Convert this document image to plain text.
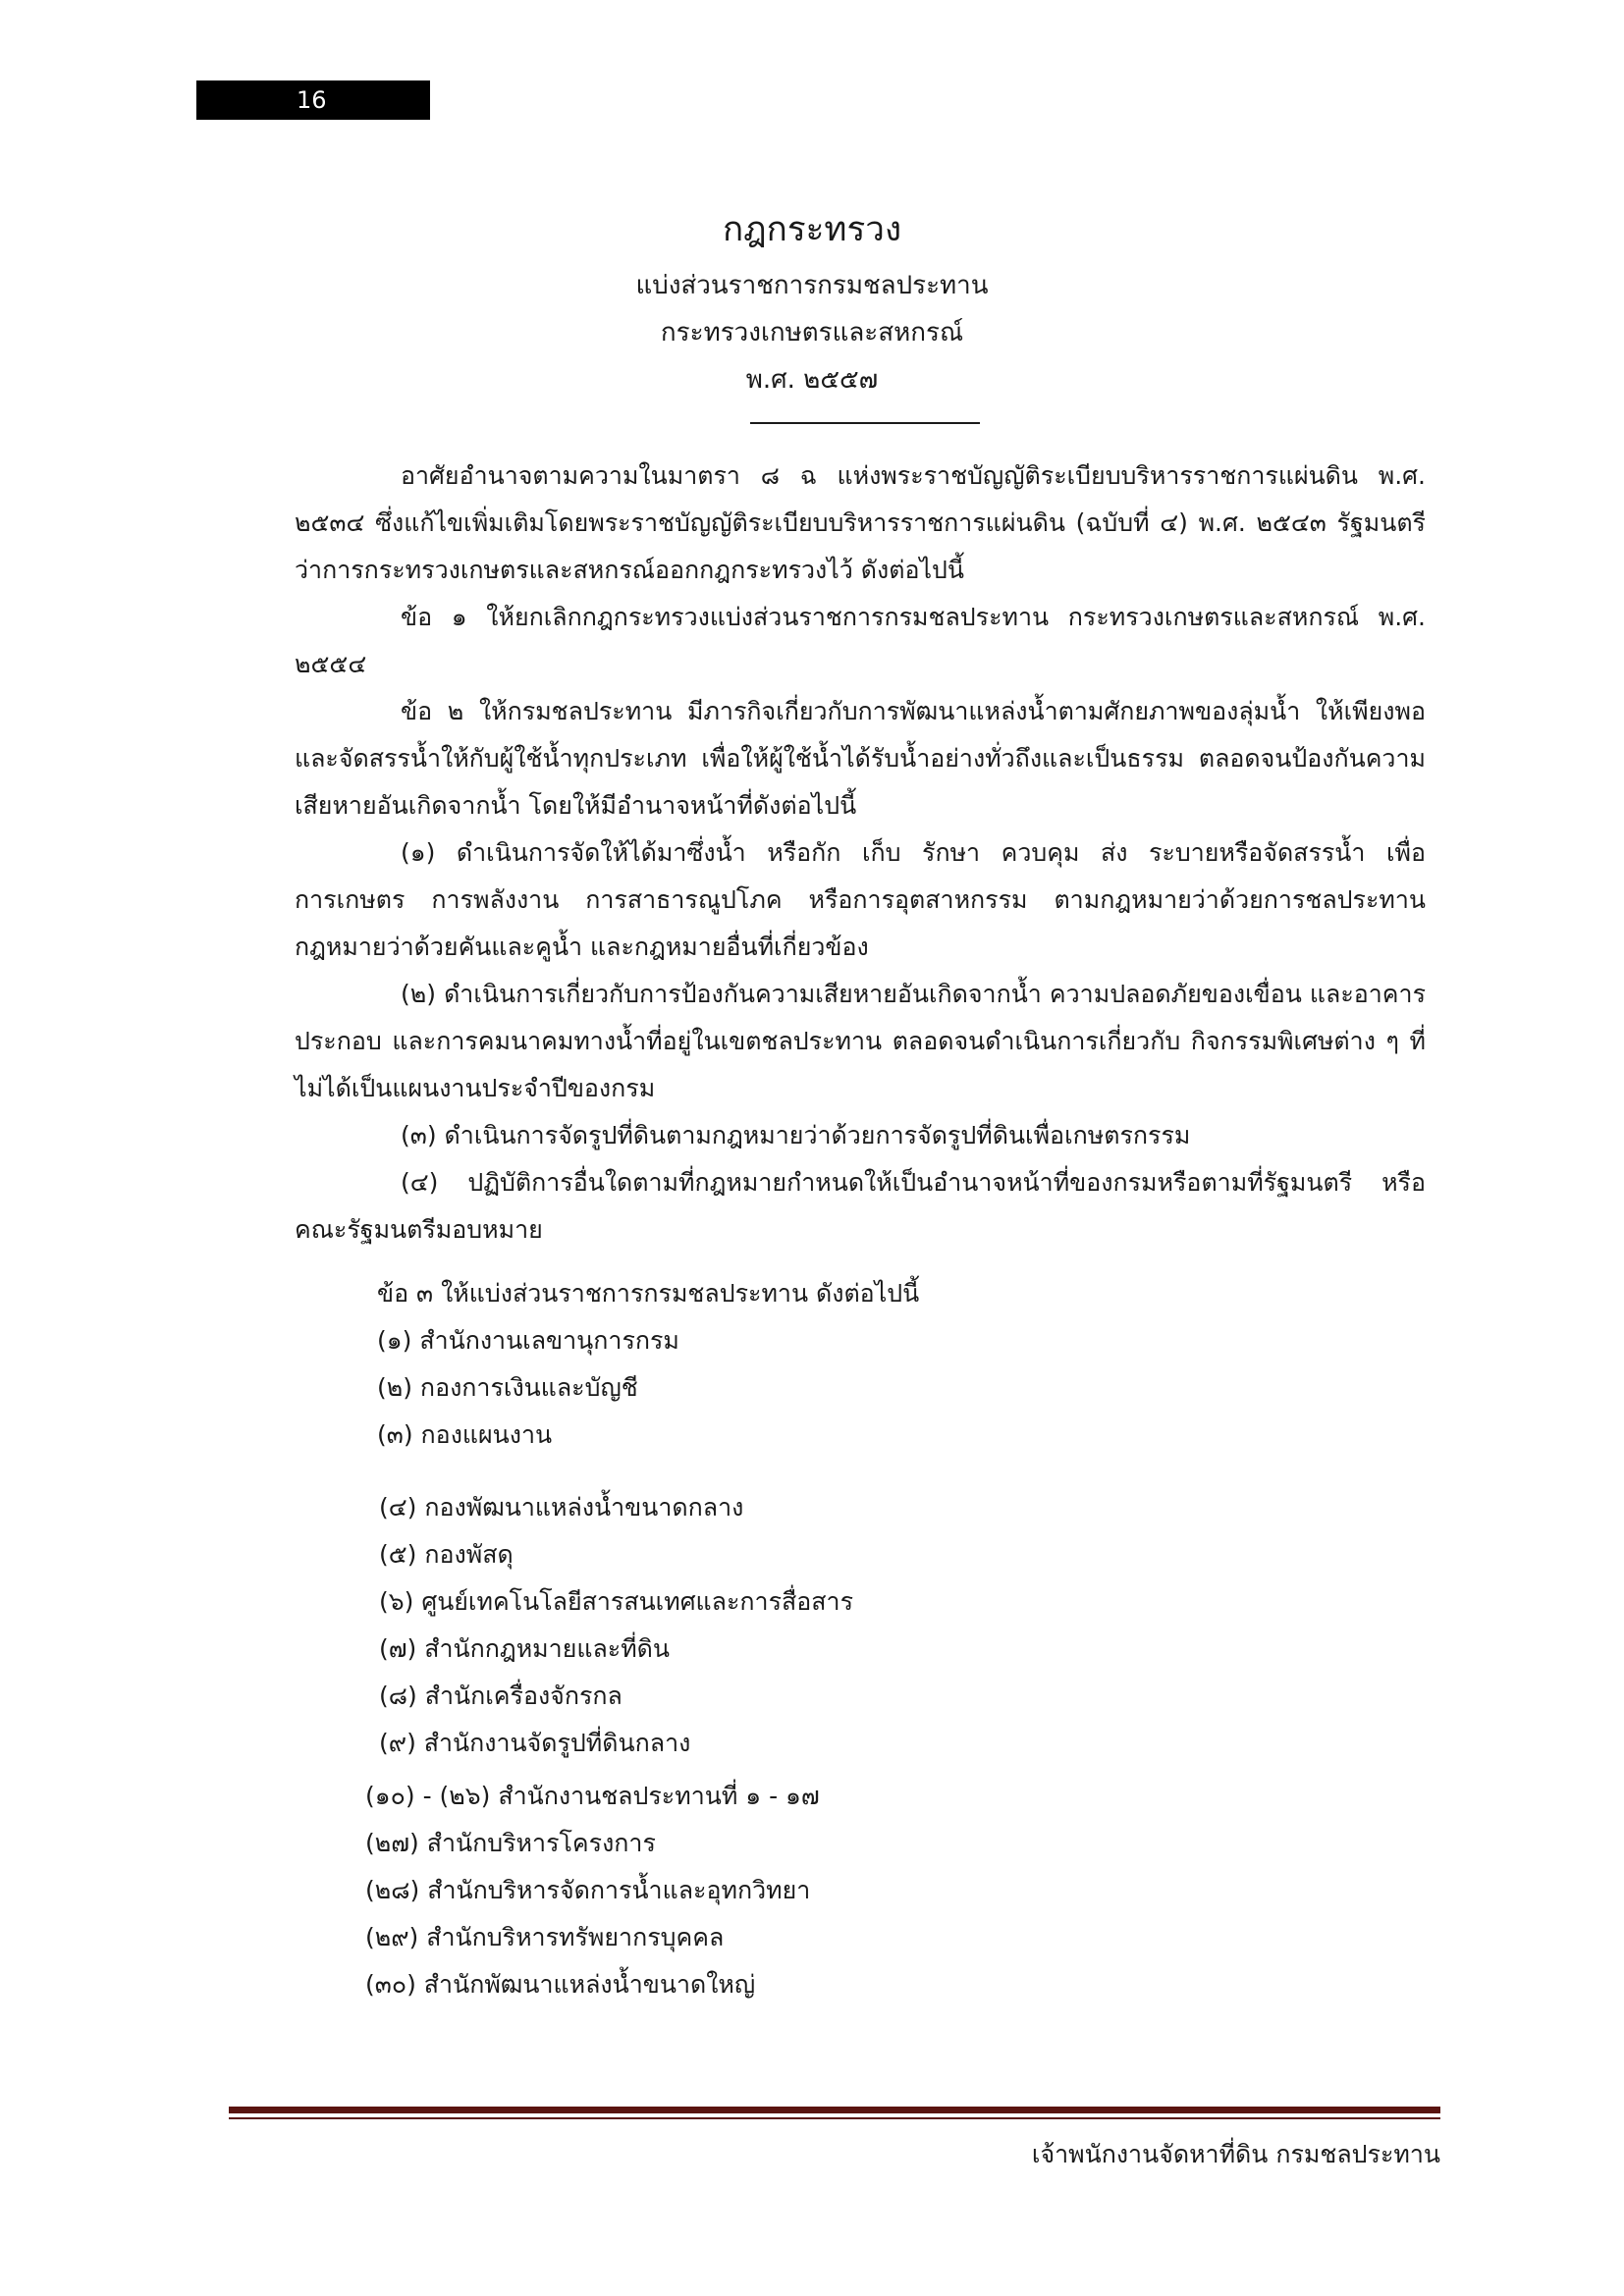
16
กฎกระทรวง
แบ่งส่วนราชการกรมชลประทาน
กระทรวงเกษตรและสหกรณ์
พ.ศ. ๒๕๕๗

อาศัยอำนาจตามความในมาตรา ๘ ฉ แห่งพระราชบัญญัติระเบียบบริหารราชการแผ่นดิน พ.ศ. ๒๕๓๔ ซึ่งแก้ไขเพิ่มเติมโดยพระราชบัญญัติระเบียบบริหารราชการแผ่นดิน (ฉบับที่ ๔) พ.ศ. ๒๕๔๓ รัฐมนตรีว่าการกระทรวงเกษตรและสหกรณ์ออกกฎกระทรวงไว้ ดังต่อไปนี้

ข้อ ๑ ให้ยกเลิกกฎกระทรวงแบ่งส่วนราชการกรมชลประทาน กระทรวงเกษตรและสหกรณ์ พ.ศ. ๒๕๕๔

ข้อ ๒ ให้กรมชลประทาน มีภารกิจเกี่ยวกับการพัฒนาแหล่งน้ำตามศักยภาพของลุ่มน้ำ ให้เพียงพอ และจัดสรรน้ำให้กับผู้ใช้น้ำทุกประเภท เพื่อให้ผู้ใช้น้ำได้รับน้ำอย่างทั่วถึงและเป็นธรรม ตลอดจนป้องกันความเสียหายอันเกิดจากน้ำ โดยให้มีอำนาจหน้าที่ดังต่อไปนี้

(๑) ดำเนินการจัดให้ได้มาซึ่งน้ำ หรือกัก เก็บ รักษา ควบคุม ส่ง ระบายหรือจัดสรรน้ำ เพื่อการเกษตร การพลังงาน การสาธารณูปโภค หรือการอุตสาหกรรม ตามกฎหมายว่าด้วยการชลประทาน กฎหมายว่าด้วยคันและคูน้ำ และกฎหมายอื่นที่เกี่ยวข้อง

(๒) ดำเนินการเกี่ยวกับการป้องกันความเสียหายอันเกิดจากน้ำ ความปลอดภัยของเขื่อน และอาคารประกอบ และการคมนาคมทางน้ำที่อยู่ในเขตชลประทาน ตลอดจนดำเนินการเกี่ยวกับ กิจกรรมพิเศษต่าง ๆ ที่ไม่ได้เป็นแผนงานประจำปีของกรม

(๓) ดำเนินการจัดรูปที่ดินตามกฎหมายว่าด้วยการจัดรูปที่ดินเพื่อเกษตรกรรม

(๔) ปฏิบัติการอื่นใดตามที่กฎหมายกำหนดให้เป็นอำนาจหน้าที่ของกรมหรือตามที่รัฐมนตรี หรือคณะรัฐมนตรีมอบหมาย

ข้อ ๓ ให้แบ่งส่วนราชการกรมชลประทาน ดังต่อไปนี้
(๑) สำนักงานเลขานุการกรม
(๒) กองการเงินและบัญชี
(๓) กองแผนงาน
(๔) กองพัฒนาแหล่งน้ำขนาดกลาง
(๕) กองพัสดุ
(๖) ศูนย์เทคโนโลยีสารสนเทศและการสื่อสาร
(๗) สำนักกฎหมายและที่ดิน
(๘) สำนักเครื่องจักรกล
(๙) สำนักงานจัดรูปที่ดินกลาง
(๑๐) - (๒๖) สำนักงานชลประทานที่ ๑ - ๑๗
(๒๗) สำนักบริหารโครงการ
(๒๘) สำนักบริหารจัดการน้ำและอุทกวิทยา
(๒๙) สำนักบริหารทรัพยากรบุคคล
(๓๐) สำนักพัฒนาแหล่งน้ำขนาดใหญ่
เจ้าพนักงานจัดหาที่ดิน กรมชลประทาน
